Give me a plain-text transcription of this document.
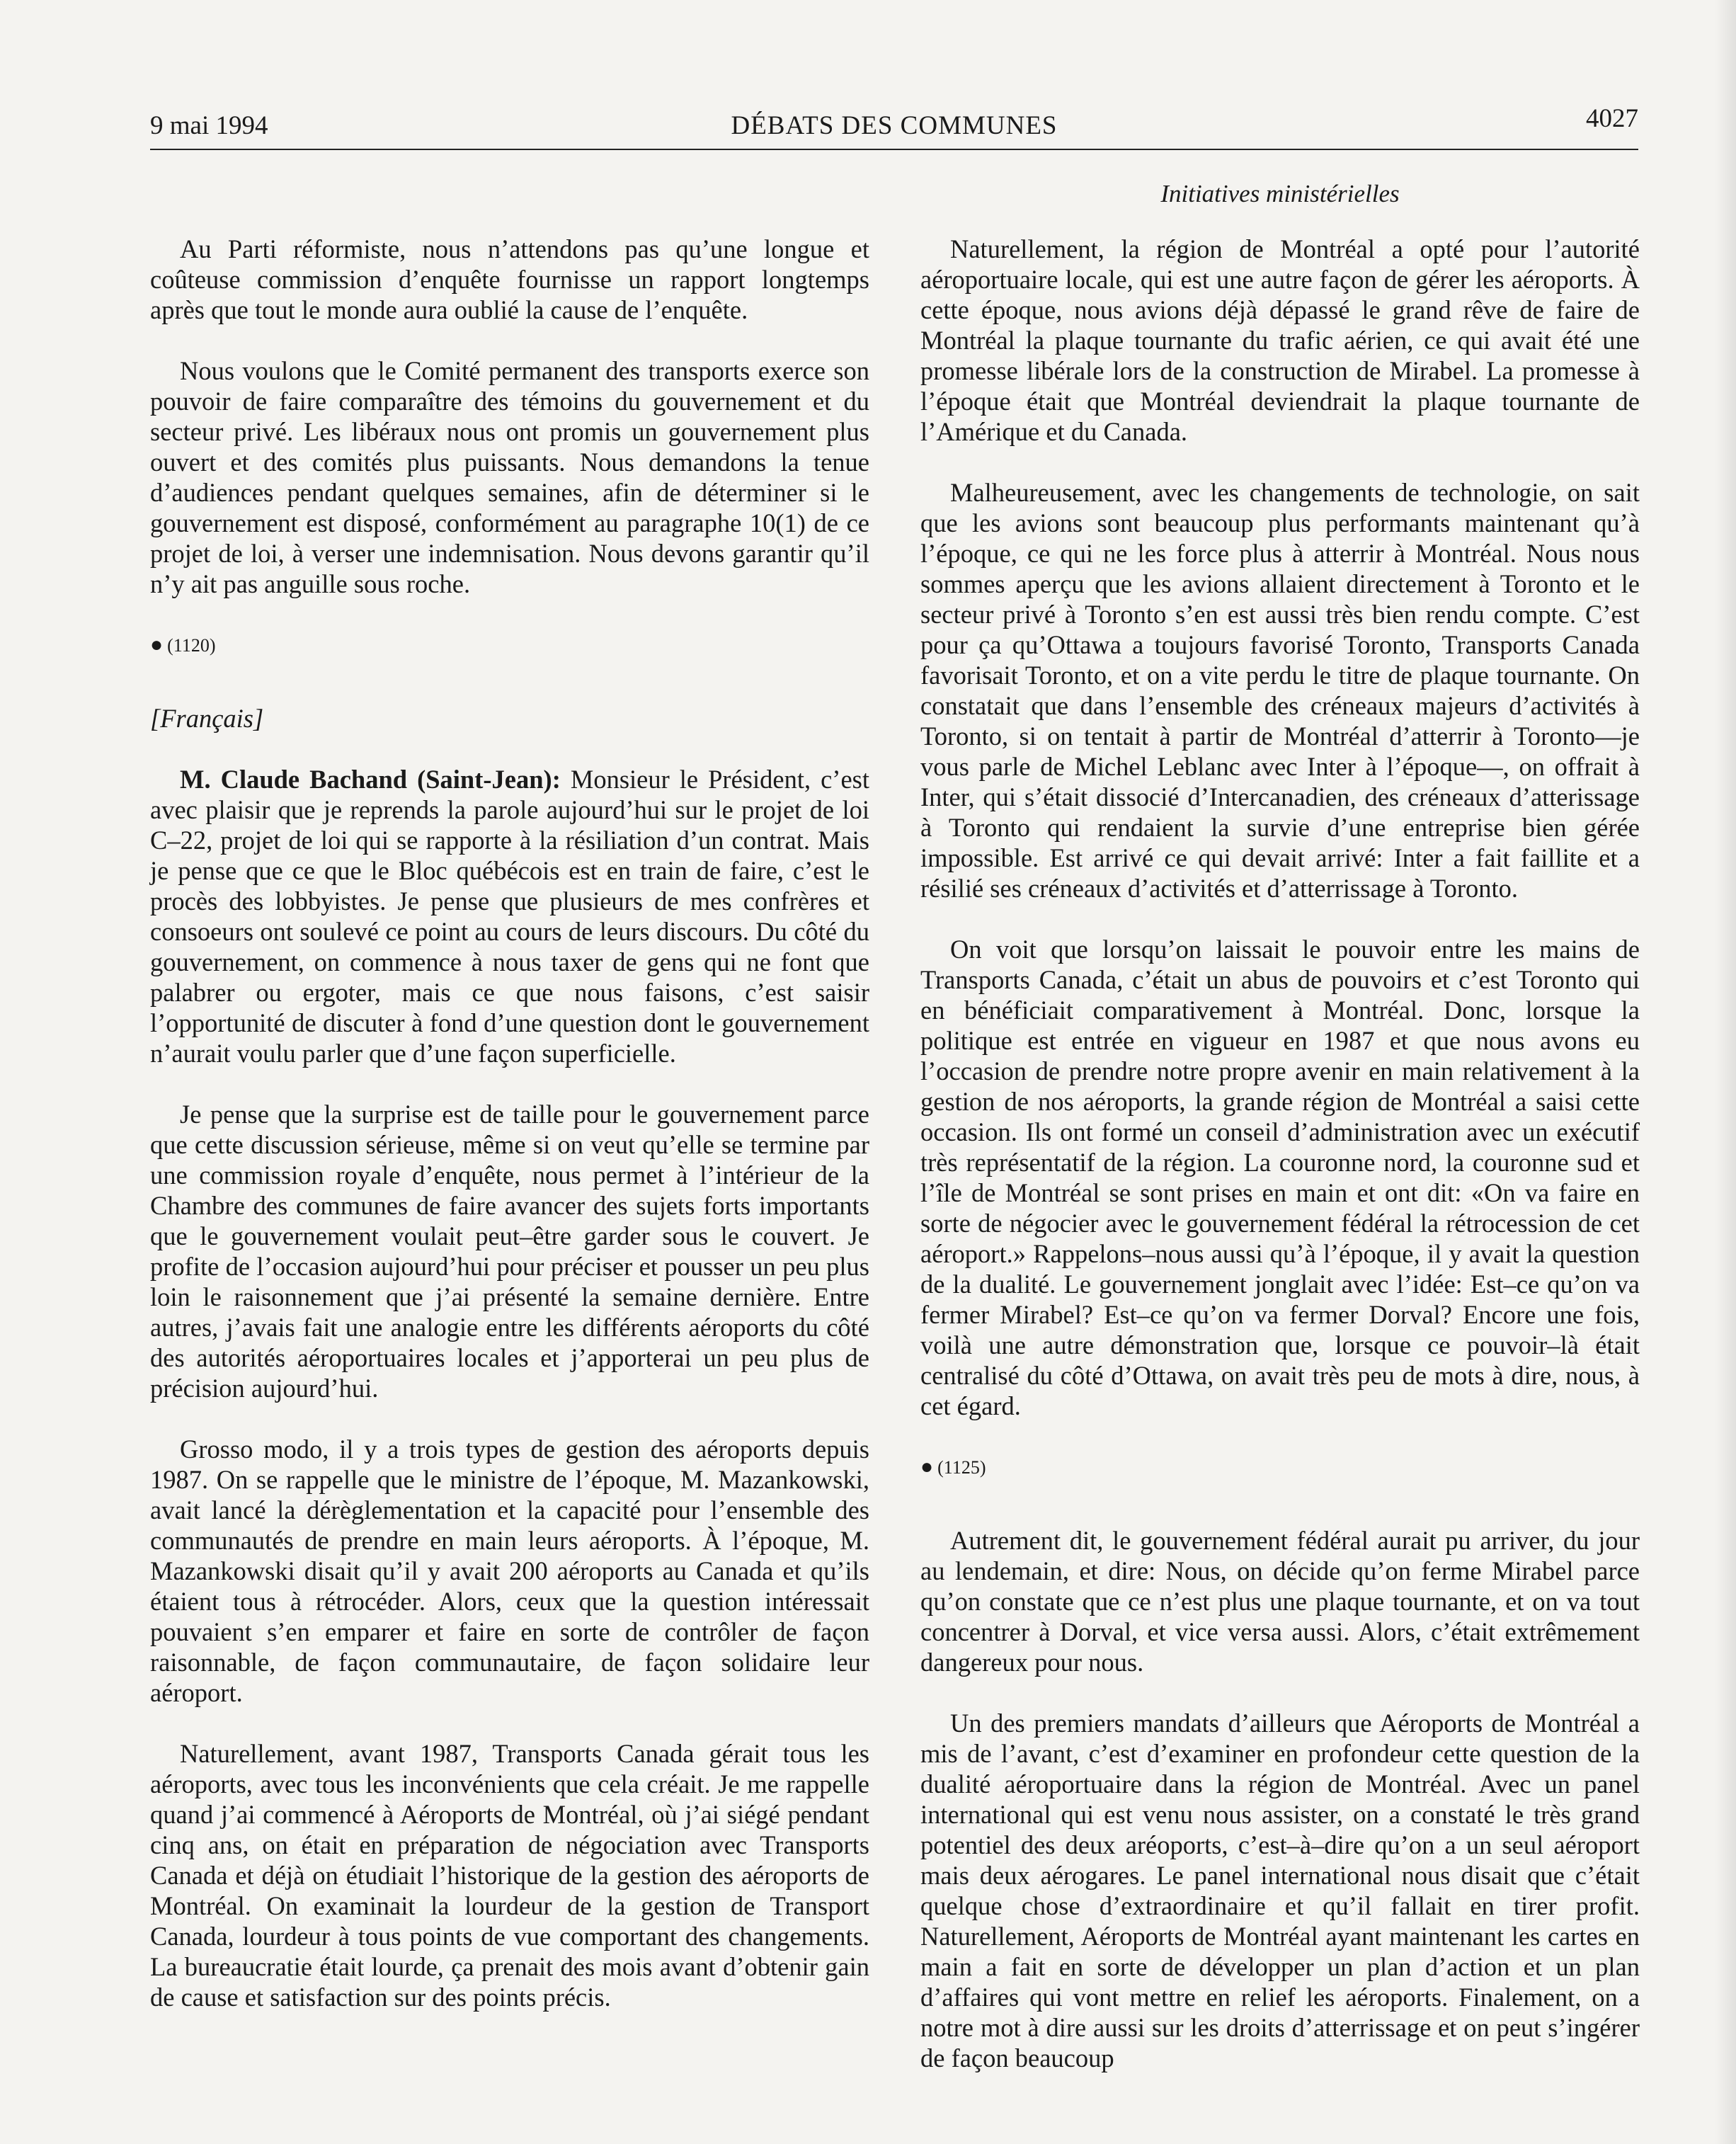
9 mai 1994	DÉBATS DES COMMUNES	4027
Initiatives ministérielles

Au Parti réformiste, nous n’attendons pas qu’une longue et coûteuse commission d’enquête fournisse un rapport longtemps après que tout le monde aura oublié la cause de l’enquête.

Nous voulons que le Comité permanent des transports exerce son pouvoir de faire comparaître des témoins du gouvernement et du secteur privé. Les libéraux nous ont promis un gouvernement plus ouvert et des comités plus puissants. Nous demandons la tenue d’audiences pendant quelques semaines, afin de déterminer si le gouvernement est disposé, conformément au paragraphe 10(1) de ce projet de loi, à verser une indemnisation. Nous devons garantir qu’il n’y ait pas anguille sous roche.

● (1120)
[Français]

M. Claude Bachand (Saint-Jean): Monsieur le Président, c’est avec plaisir que je reprends la parole aujourd’hui sur le projet de loi C–22, projet de loi qui se rapporte à la résiliation d’un contrat. Mais je pense que ce que le Bloc québécois est en train de faire, c’est le procès des lobbyistes. Je pense que plusieurs de mes confrères et consoeurs ont soulevé ce point au cours de leurs discours. Du côté du gouvernement, on commence à nous taxer de gens qui ne font que palabrer ou ergoter, mais ce que nous faisons, c’est saisir l’opportunité de discuter à fond d’une question dont le gouvernement n’aurait voulu parler que d’une façon superficielle.

Je pense que la surprise est de taille pour le gouvernement parce que cette discussion sérieuse, même si on veut qu’elle se termine par une commission royale d’enquête, nous permet à l’intérieur de la Chambre des communes de faire avancer des sujets forts importants que le gouvernement voulait peut–être garder sous le couvert. Je profite de l’occasion aujourd’hui pour préciser et pousser un peu plus loin le raisonnement que j’ai présenté la semaine dernière. Entre autres, j’avais fait une analogie entre les différents aéroports du côté des autorités aéroportuaires locales et j’apporterai un peu plus de précision aujourd’hui.

Grosso modo, il y a trois types de gestion des aéroports depuis 1987. On se rappelle que le ministre de l’époque, M. Mazankowski, avait lancé la dérèglementation et la capacité pour l’ensemble des communautés de prendre en main leurs aéroports. À l’époque, M. Mazankowski disait qu’il y avait 200 aéroports au Canada et qu’ils étaient tous à rétrocéder. Alors, ceux que la question intéressait pouvaient s’en emparer et faire en sorte de contrôler de façon raisonnable, de façon communautaire, de façon solidaire leur aéroport.

Naturellement, avant 1987, Transports Canada gérait tous les aéroports, avec tous les inconvénients que cela créait. Je me rappelle quand j’ai commencé à Aéroports de Montréal, où j’ai siégé pendant cinq ans, on était en préparation de négociation avec Transports Canada et déjà on étudiait l’historique de la gestion des aéroports de Montréal. On examinait la lourdeur de la gestion de Transport Canada, lourdeur à tous points de vue comportant des changements. La bureaucratie était lourde, ça prenait des mois avant d’obtenir gain de cause et satisfaction sur des points précis.

Naturellement, la région de Montréal a opté pour l’autorité aéroportuaire locale, qui est une autre façon de gérer les aéroports. À cette époque, nous avions déjà dépassé le grand rêve de faire de Montréal la plaque tournante du trafic aérien, ce qui avait été une promesse libérale lors de la construction de Mirabel. La promesse à l’époque était que Montréal deviendrait la plaque tournante de l’Amérique et du Canada.

Malheureusement, avec les changements de technologie, on sait que les avions sont beaucoup plus performants maintenant qu’à l’époque, ce qui ne les force plus à atterrir à Montréal. Nous nous sommes aperçu que les avions allaient directement à Toronto et le secteur privé à Toronto s’en est aussi très bien rendu compte. C’est pour ça qu’Ottawa a toujours favorisé Toronto, Transports Canada favorisait Toronto, et on a vite perdu le titre de plaque tournante. On constatait que dans l’ensemble des créneaux majeurs d’activités à Toronto, si on tentait à partir de Montréal d’atterrir à Toronto—je vous parle de Michel Leblanc avec Inter à l’époque—, on offrait à Inter, qui s’était dissocié d’Intercanadien, des créneaux d’atterissage à Toronto qui rendaient la survie d’une entreprise bien gérée impossible. Est arrivé ce qui devait arrivé: Inter a fait faillite et a résilié ses créneaux d’activités et d’atterrissage à Toronto.

On voit que lorsqu’on laissait le pouvoir entre les mains de Transports Canada, c’était un abus de pouvoirs et c’est Toronto qui en bénéficiait comparativement à Montréal. Donc, lorsque la politique est entrée en vigueur en 1987 et que nous avons eu l’occasion de prendre notre propre avenir en main relativement à la gestion de nos aéroports, la grande région de Montréal a saisi cette occasion. Ils ont formé un conseil d’administration avec un exécutif très représentatif de la région. La couronne nord, la couronne sud et l’île de Montréal se sont prises en main et ont dit: «On va faire en sorte de négocier avec le gouvernement fédéral la rétrocession de cet aéroport.» Rappelons–nous aussi qu’à l’époque, il y avait la question de la dualité. Le gouvernement jonglait avec l’idée: Est–ce qu’on va fermer Mirabel? Est–ce qu’on va fermer Dorval? Encore une fois, voilà une autre démonstration que, lorsque ce pouvoir–là était centralisé du côté d’Ottawa, on avait très peu de mots à dire, nous, à cet égard.

● (1125)

Autrement dit, le gouvernement fédéral aurait pu arriver, du jour au lendemain, et dire: Nous, on décide qu’on ferme Mirabel parce qu’on constate que ce n’est plus une plaque tournante, et on va tout concentrer à Dorval, et vice versa aussi. Alors, c’était extrêmement dangereux pour nous.

Un des premiers mandats d’ailleurs que Aéroports de Montréal a mis de l’avant, c’est d’examiner en profondeur cette question de la dualité aéroportuaire dans la région de Montréal. Avec un panel international qui est venu nous assister, on a constaté le très grand potentiel des deux aréoports, c’est–à–dire qu’on a un seul aéroport mais deux aérogares. Le panel international nous disait que c’était quelque chose d’extraordinaire et qu’il fallait en tirer profit. Naturellement, Aéroports de Montréal ayant maintenant les cartes en main a fait en sorte de développer un plan d’action et un plan d’affaires qui vont mettre en relief les aéroports. Finalement, on a notre mot à dire aussi sur les droits d’atterrissage et on peut s’ingérer de façon beaucoup
